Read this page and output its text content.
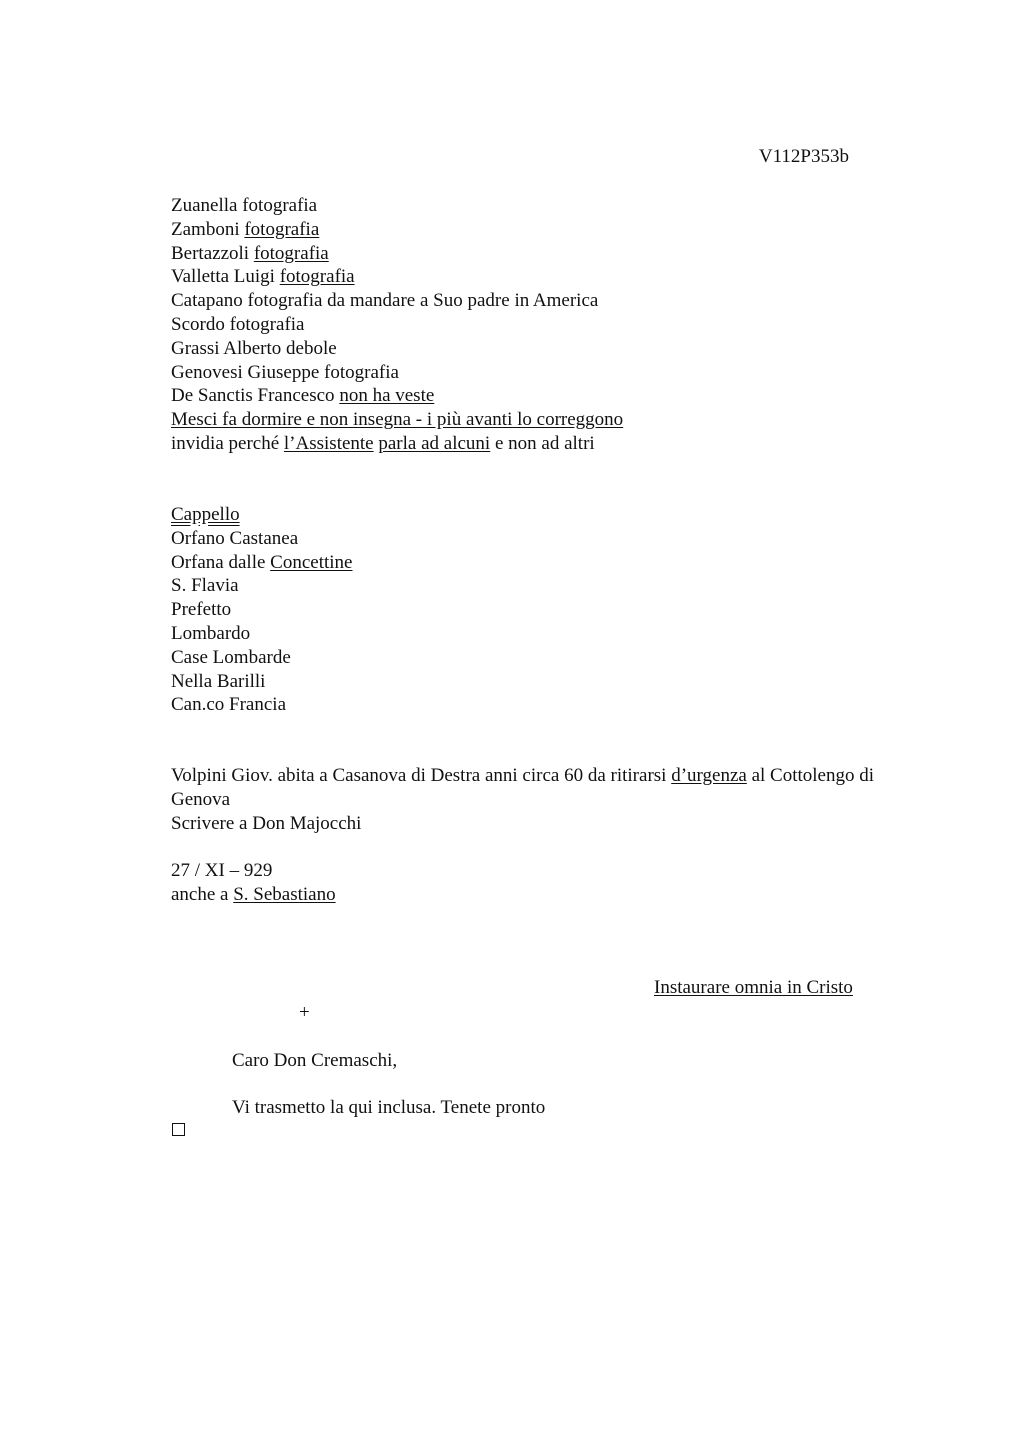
V112P353b
Zuanella fotografia
Zamboni fotografia
Bertazzoli fotografia
Valletta Luigi fotografia
Catapano fotografia da mandare a Suo padre in America
Scordo fotografia
Grassi Alberto debole
Genovesi Giuseppe fotografia
De Sanctis Francesco non ha veste
Mesci fa dormire e non insegna - i più avanti lo correggono
invidia perché l’Assistente parla ad alcuni e non ad altri
Cappello
Orfano Castanea
Orfana dalle Concettine
S. Flavia
Prefetto
Lombardo
Case Lombarde
Nella Barilli
Can.co Francia
Volpini Giov. abita a Casanova di Destra anni circa 60 da ritirarsi d’urgenza al Cottolengo di Genova
Scrivere a Don Majocchi
27 / XI – 929
anche a S. Sebastiano
Instaurare omnia in Cristo
+
Caro Don Cremaschi,
Vi trasmetto la qui inclusa. Tenete pronto
